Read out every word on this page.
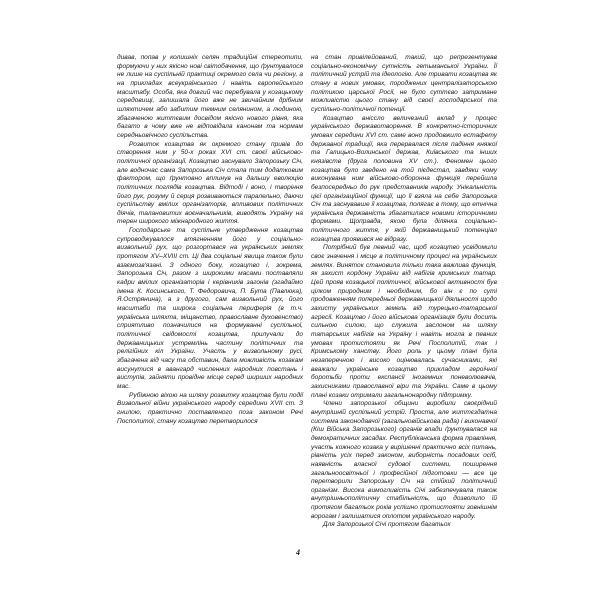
дивав, попав у колишніх селян традиційні стереотипи, формуючи у них якісно нові світобачення, що ґрунтувалося не лише на суспільній практиці окремого села чи регіону, а на прикладах всеукраїнського і навіть європейського масштабу. Особа, яка довгий час перебувала у козацькому середовищі, залишала його вже не звичайним дрібним шляхтичем або забитим темним селянином, а людиною, збагаченою життєвим досвідом якісно нового рівня, яка багато в чому вже не відповідала канонам та нормам середньовічного суспільства.

Розвиток козацтва як окремого стану привів до створення ним у 50-х роках XVI ст. своєї військово-політичної організації. Козацтво заснувало Запорозьку Січ, але водночас сама Запорозька Січ стала тим додатковим фактором, що ґрунтовно вплинув на дальшу еволюцію політичних поглядів козацтва. Відтоді і воно, і творіння його рук, розуму й серця розвиваються паралельно, даючи суспільству вмілих організаторів, впливових політичних діячів, талановитих воєначальників, виводять Україну на терен широкого міжнародного життя.

Господарське та суспільне утвердження козацтва супроводжувалося втягненням його у соціально-визвольний рух, що розгортався на українських землях протягом XV–XVIII ст. Ці два соціальні явища також були взаємозв'язані. З одного боку, козацтво і, зокрема, Запорозька Січ, разом з широкими масами поставляли кадри вмілих організаторів і керівників загонів (згадаймо імена К. Косинського, Т. Федоровича, П. Бута (Павлюка), Я.Острянина), а з другого, сам визвольний рух, його масштаби та широка соціальна периферія (в т.ч. українська шляхта, міщанство, православне духовенство) сприятливо позначилися на формуванні суспільної, політичної свідомості козацтва, прилучали до державницьких устремлінь частину політичних та релігійних кіл України. Участь у визвольному русі, збагачена від часу та обставин, дала можливість козакам висунутися в авангард численних народних повстань і виступів, зайняти провідне місце серед ширших народних мас.

Рубіжною віхою на шляху розвитку козацтва були події Визвольної війни українського народу середини XVII ст. З гнилою, практично поставленого поза законом Речі Посполитої, стану козацтво перетворилося

на стан привілейований, такий, що репрезентував соціально-економічну сутність гетьманської України. Її політичний устрій та ідеологію. Але тривати козацтва як стану в нових умовах, породжених централізаторською політикою царської Росії, не було суттєво затримане можливістю цього стану від своєї господарської та суспільно-політичної потенції.

Козацтво вніссло величезний вклад у процес українського державотворення. В конкретно-історичних умовах середини XVI ст. саме воно продовжило естафету державної традиції, яка перервалася після падіння княжої та Галицько-Волинської держав, Київського та інших князівств (друга половина XV ст.). Феномен цього козацтва було зведено на той пієдестал, завдяки чому виконувана ним військово-оборонна функція перейшла безпосередньо до рук представників народу. Унікальність цієї організаційної функції, що її взяла на себе Запорозька Січ та заснувавше її козацтва, полягає в тому, що етнічна українська державність збагатилася новими історичними формами. Щоправда, якою була ділянка соціально-політичного життя, у якій державницький потенціал козацтва проявився не відразу.

Потрібний був певний час, щоб козацтво усвідомили своє значення і місце в політичному процесі на українських землях. Виняток становила тільки така важлива функція, як захист кордону України від набігів кримських татар. Цей прояв козацької політичної, військової активності був цілком природним і необхідним, бо він є по суті продовженням попередньої державницької діяльності щодо захисту українських земель від турецько-татарської агресії. Козацтво і його військова організація були досить сильною силою, що служила заслоном на шляху татарських набігів на Україну і навіть могла в певних умовах протистояти як Речі Посполитій, так і Кримському ханству. Його роль у цьому плані була незаперечною і високо оцінювалась сучасниками, які вважали українське козацтво прикладом героїчної боротьби проти експансії іноземних поневолювачів, захисниками православної віри та України. Саме в цьому плані козаки отримали загальнонародну підтримку.

Члени запорозької общини виробили своєрідний внутрішній суспільний устрій. Проста, але життєздатна система законодавчої (загальновійськова рада) і виконавчої (Кіш Війська Запорозького) органів влади ґрунтувалася на демократичних засадах. Республіканська форма правління, участь кожного козака у вирішенні практично всіх питань, рівність усіх перед законом, виборність посадових осіб, наявність власної судової системи, поширення загальноосвітньої і професійної підготовки — все це перетворили Запорозьку Січ на стійкий політичний організм. Висока вимогливість Січі забезпечувала також внутрішньополітичну стабільність, що дозволило їй протягом багатьох років успішно протистояти зовнішнім ворогам і залишатися оплотом українського народу.

Для Запорозької Січі протягом багатьох

4
